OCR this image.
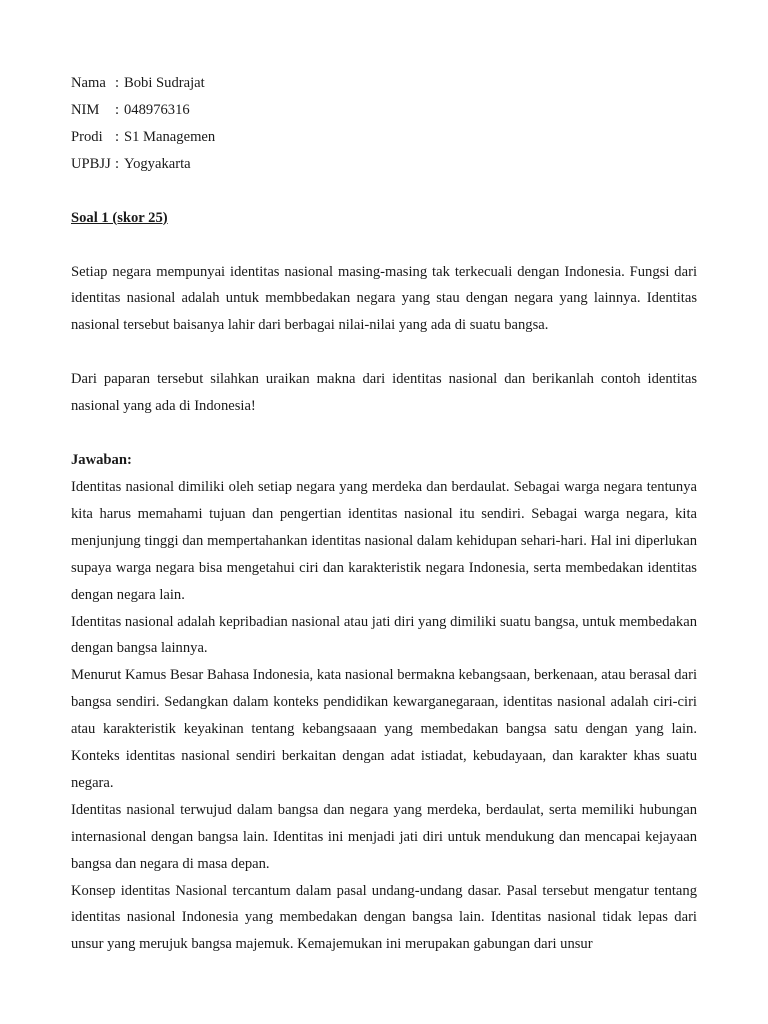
Nama : Bobi Sudrajat
NIM	: 048976316
Prodi : S1 Managemen
UPBJJ : Yogyakarta
Soal 1 (skor 25)

Setiap negara mempunyai identitas nasional masing-masing tak terkecuali dengan Indonesia. Fungsi dari identitas nasional adalah untuk membbedakan negara yang stau dengan negara yang lainnya. Identitas nasional tersebut baisanya lahir dari berbagai nilai-nilai yang ada di suatu bangsa.

Dari paparan tersebut silahkan uraikan makna dari identitas nasional dan berikanlah contoh identitas nasional yang ada di Indonesia!

Jawaban:

Identitas nasional dimiliki oleh setiap negara yang merdeka dan berdaulat. Sebagai warga negara tentunya kita harus memahami tujuan dan pengertian identitas nasional itu sendiri. Sebagai warga negara, kita menjunjung tinggi dan mempertahankan identitas nasional dalam kehidupan sehari-hari. Hal ini diperlukan supaya warga negara bisa mengetahui ciri dan karakteristik negara Indonesia, serta membedakan identitas dengan negara lain.

Identitas nasional adalah kepribadian nasional atau jati diri yang dimiliki suatu bangsa, untuk membedakan dengan bangsa lainnya.

Menurut Kamus Besar Bahasa Indonesia, kata nasional bermakna kebangsaan, berkenaan, atau berasal dari bangsa sendiri. Sedangkan dalam konteks pendidikan kewarganegaraan, identitas nasional adalah ciri-ciri atau karakteristik keyakinan tentang kebangsaaan yang membedakan bangsa satu dengan yang lain. Konteks identitas nasional sendiri berkaitan dengan adat istiadat, kebudayaan, dan karakter khas suatu negara.

Identitas nasional terwujud dalam bangsa dan negara yang merdeka, berdaulat, serta memiliki hubungan internasional dengan bangsa lain. Identitas ini menjadi jati diri untuk mendukung dan mencapai kejayaan bangsa dan negara di masa depan.

Konsep identitas Nasional tercantum dalam pasal undang-undang dasar. Pasal tersebut mengatur tentang identitas nasional Indonesia yang membedakan dengan bangsa lain. Identitas nasional tidak lepas dari unsur yang merujuk bangsa majemuk. Kemajemukan ini merupakan gabungan dari unsur
